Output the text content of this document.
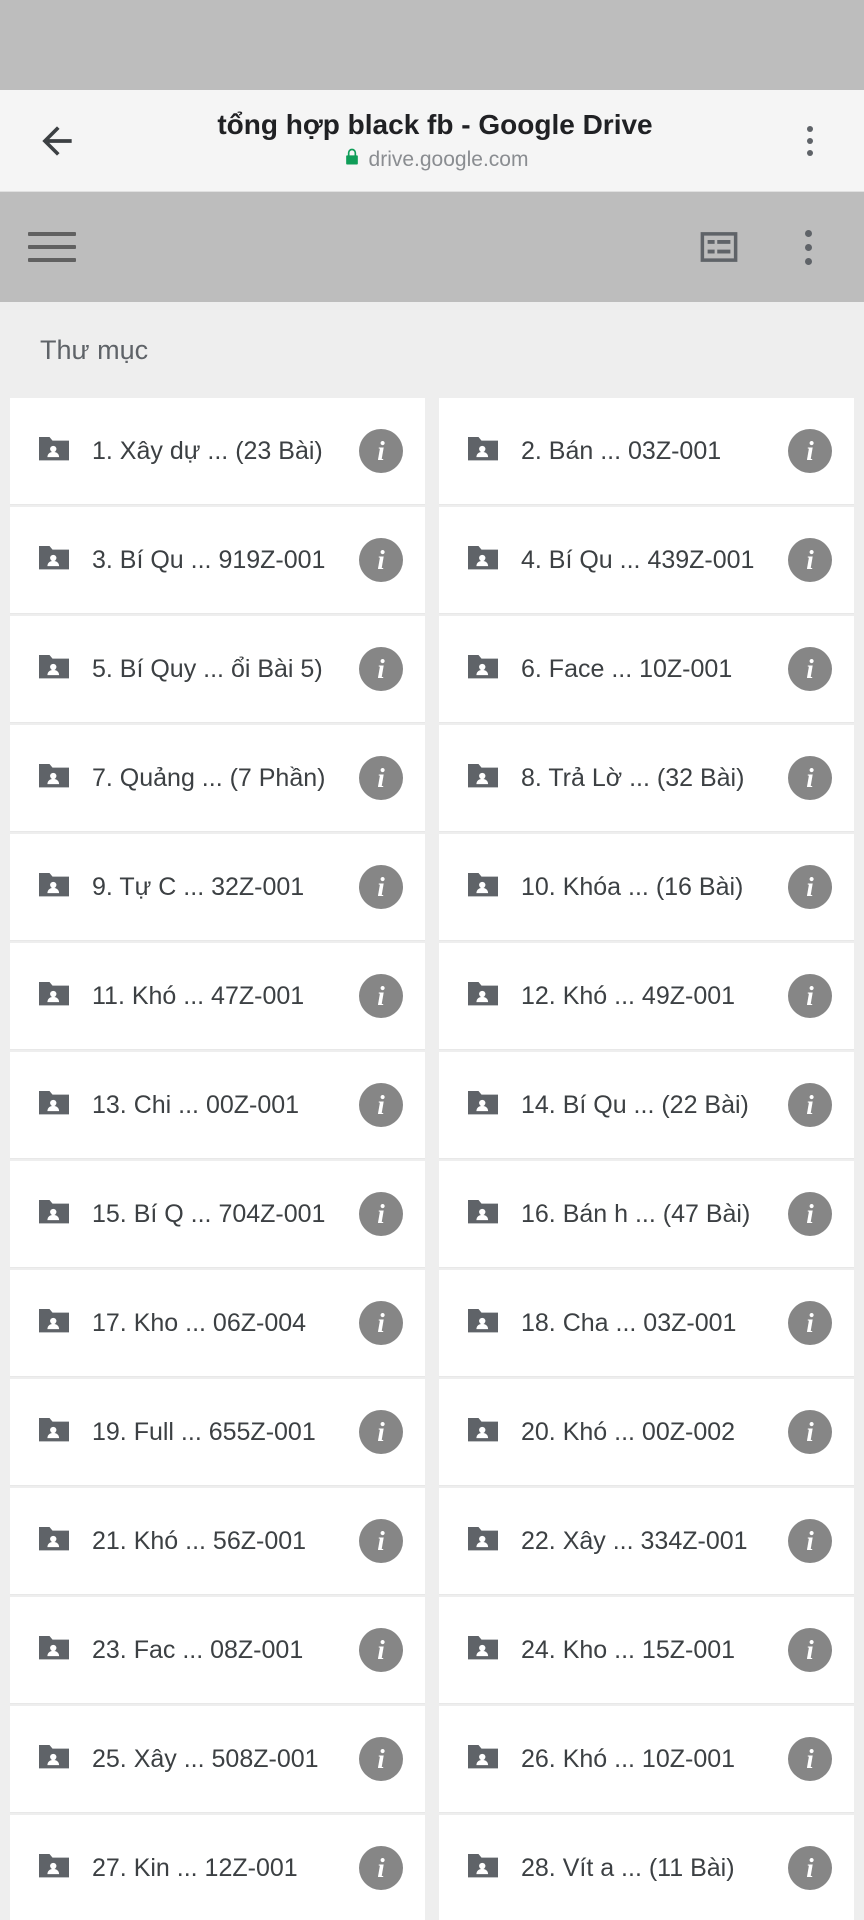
tổng hợp black fb - Google Drive
drive.google.com
Thư mục
1. Xây dự ... (23 Bài)	i	2. Bán ... 03Z-001	i
3. Bí Qu ... 919Z-001	i	4. Bí Qu ... 439Z-001	i
5. Bí Quy ... ổi Bài 5)	i	6. Face ... 10Z-001	i
7. Quảng ... (7 Phần)	i	8. Trả Lờ ... (32 Bài)	i
9. Tự C ... 32Z-001	i	10. Khóa ... (16 Bài)	i
11. Khó ... 47Z-001	i	12. Khó ... 49Z-001	i
13. Chi ... 00Z-001	i	14. Bí Qu ... (22 Bài)	i
15. Bí Q ... 704Z-001	i	16. Bán h ... (47 Bài)	i
17. Kho ... 06Z-004	i	18. Cha ... 03Z-001	i
19. Full ... 655Z-001	i	20. Khó ... 00Z-002	i
21. Khó ... 56Z-001	i	22. Xây ... 334Z-001	i
23. Fac ... 08Z-001	i	24. Kho ... 15Z-001	i
25. Xây ... 508Z-001	i	26. Khó ... 10Z-001	i
27. Kin ... 12Z-001	i	28. Vít a ... (11 Bài)	i
